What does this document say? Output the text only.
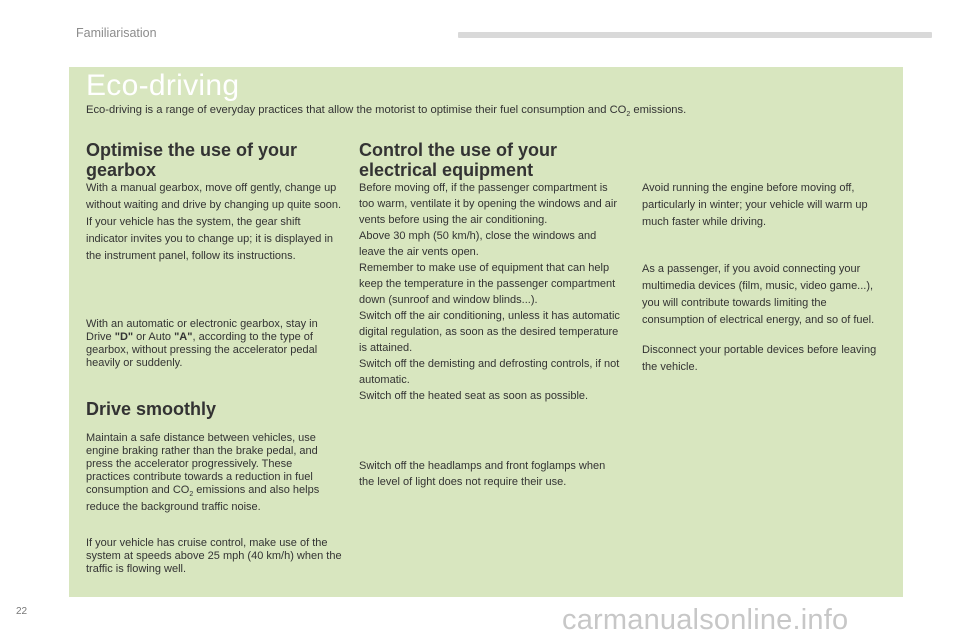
Familiarisation
Eco-driving
Eco-driving is a range of everyday practices that allow the motorist to optimise their fuel consumption and $CO_2$ emissions.
Optimise the use of your gearbox

With a manual gearbox, move off gently, change up without waiting and drive by changing up quite soon. If your vehicle has the system, the gear shift indicator invites you to change up; it is displayed in the instrument panel, follow its instructions.

With an automatic or electronic gearbox, stay in Drive "D" or Auto "A", according to the type of gearbox, without pressing the accelerator pedal heavily or suddenly.

Drive smoothly

Maintain a safe distance between vehicles, use engine braking rather than the brake pedal, and press the accelerator progressively. These practices contribute towards a reduction in fuel consumption and $CO_2$ emissions and also helps reduce the background traffic noise.

If your vehicle has cruise control, make use of the system at speeds above 25 mph (40 km/h) when the traffic is flowing well.

Control the use of your electrical equipment
Before moving off, if the passenger compartment is too warm, ventilate it by opening the windows and air vents before using the air conditioning.
Above 30 mph (50 km/h), close the windows and leave the air vents open.
Remember to make use of equipment that can help keep the temperature in the passenger compartment down (sunroof and window blinds...).
Switch off the air conditioning, unless it has automatic digital regulation, as soon as the desired temperature is attained.
Switch off the demisting and defrosting controls, if not automatic.
Switch off the heated seat as soon as possible.

Switch off the headlamps and front foglamps when the level of light does not require their use.

Avoid running the engine before moving off, particularly in winter; your vehicle will warm up much faster while driving.

As a passenger, if you avoid connecting your multimedia devices (film, music, video game...), you will contribute towards limiting the consumption of electrical energy, and so of fuel.

Disconnect your portable devices before leaving the vehicle.

22	carmanualsonline.info
